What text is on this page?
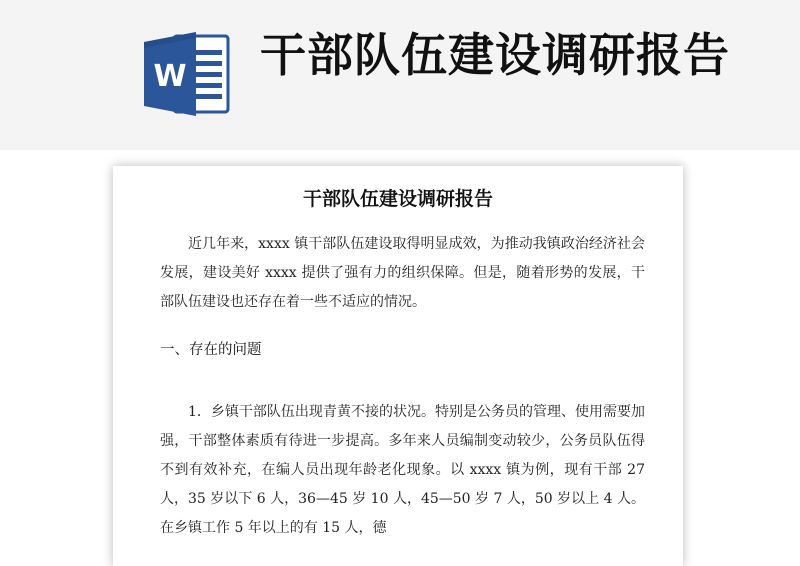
W 干部队伍建设调研报告
干部队伍建设调研报告

近几年来，xxxx 镇干部队伍建设取得明显成效，为推动我镇政治经济社会发展，建设美好 xxxx 提供了强有力的组织保障。但是，随着形势的发展，干部队伍建设也还存在着一些不适应的情况。

一、存在的问题

1．乡镇干部队伍出现青黄不接的状况。特别是公务员的管理、使用需要加强，干部整体素质有待进一步提高。多年来人员编制变动较少，公务员队伍得不到有效补充，在编人员出现年龄老化现象。以 xxxx 镇为例，现有干部 27 人，35 岁以下 6 人，36—45 岁 10 人，45—50 岁 7 人，50 岁以上 4 人。在乡镇工作 5 年以上的有 15 人，德
